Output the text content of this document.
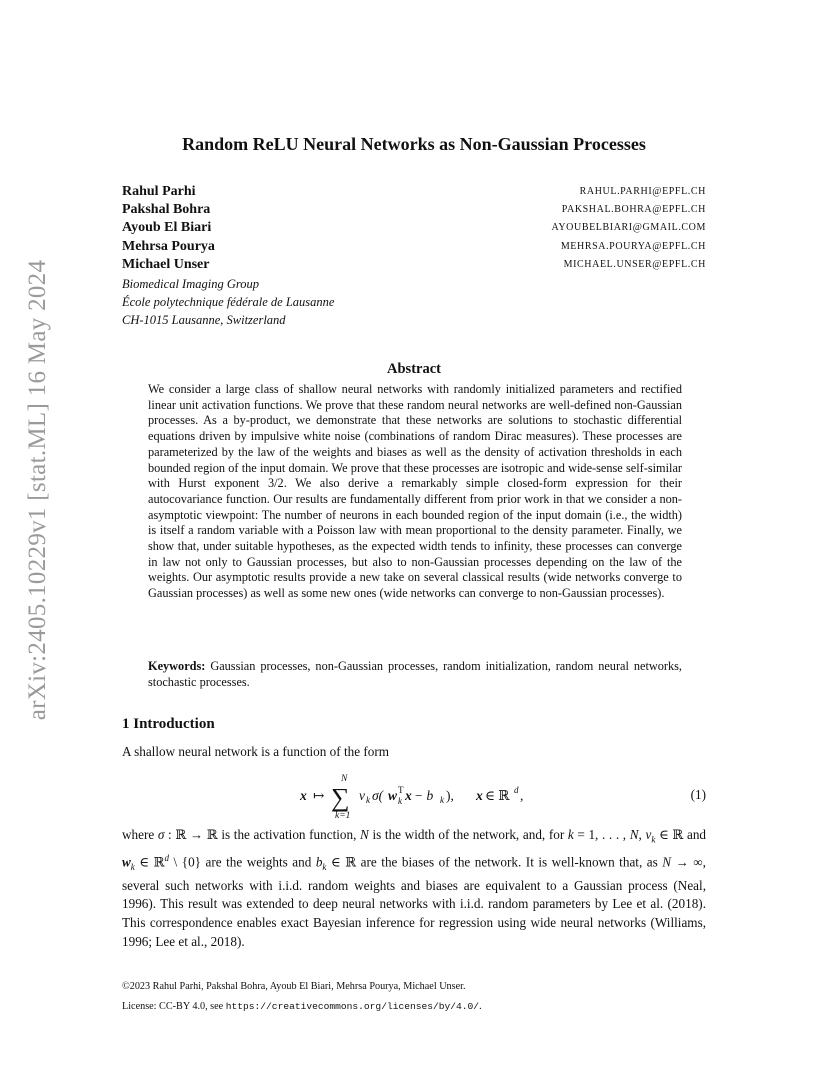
arXiv:2405.10229v1 [stat.ML] 16 May 2024
Random ReLU Neural Networks as Non-Gaussian Processes
Rahul Parhi	RAHUL.PARHI@EPFL.CH
Pakshal Bohra	PAKSHAL.BOHRA@EPFL.CH
Ayoub El Biari	AYOUBELBIARI@GMAIL.COM
Mehrsa Pourya	MEHRSA.POURYA@EPFL.CH
Michael Unser	MICHAEL.UNSER@EPFL.CH
Biomedical Imaging Group
École polytechnique fédérale de Lausanne
CH-1015 Lausanne, Switzerland
Abstract
We consider a large class of shallow neural networks with randomly initialized parameters and rectified linear unit activation functions. We prove that these random neural networks are well-defined non-Gaussian processes. As a by-product, we demonstrate that these networks are solutions to stochastic differential equations driven by impulsive white noise (combinations of random Dirac measures). These processes are parameterized by the law of the weights and biases as well as the density of activation thresholds in each bounded region of the input domain. We prove that these processes are isotropic and wide-sense self-similar with Hurst exponent 3/2. We also derive a remarkably simple closed-form expression for their autocovariance function. Our results are fundamentally different from prior work in that we consider a non-asymptotic viewpoint: The number of neurons in each bounded region of the input domain (i.e., the width) is itself a random variable with a Poisson law with mean proportional to the density parameter. Finally, we show that, under suitable hypotheses, as the expected width tends to infinity, these processes can converge in law not only to Gaussian processes, but also to non-Gaussian processes depending on the law of the weights. Our asymptotic results provide a new take on several classical results (wide networks converge to Gaussian processes) as well as some new ones (wide networks can converge to non-Gaussian processes).
Keywords: Gaussian processes, non-Gaussian processes, random initialization, random neural networks, stochastic processes.
1 Introduction
A shallow neural network is a function of the form
x ↦ ∑
N
k=1
v k σ( w T
k x − b k ), x ∈ ℝ d ,	(1)
where σ : ℝ → ℝ is the activation function, N is the width of the network, and, for k = 1, . . . , N, $v_k$ ∈ ℝ and $w_k$ ∈ ℝ$^d$ \ {0} are the weights and $b_k$ ∈ ℝ are the biases of the network. It is well-known that, as N → ∞, several such networks with i.i.d. random weights and biases are equivalent to a Gaussian process (Neal, 1996). This result was extended to deep neural networks with i.i.d. random parameters by Lee et al. (2018). This correspondence enables exact Bayesian inference for regression using wide neural networks (Williams, 1996; Lee et al., 2018).
©2023 Rahul Parhi, Pakshal Bohra, Ayoub El Biari, Mehrsa Pourya, Michael Unser.
License: CC-BY 4.0, see https://creativecommons.org/licenses/by/4.0/.
